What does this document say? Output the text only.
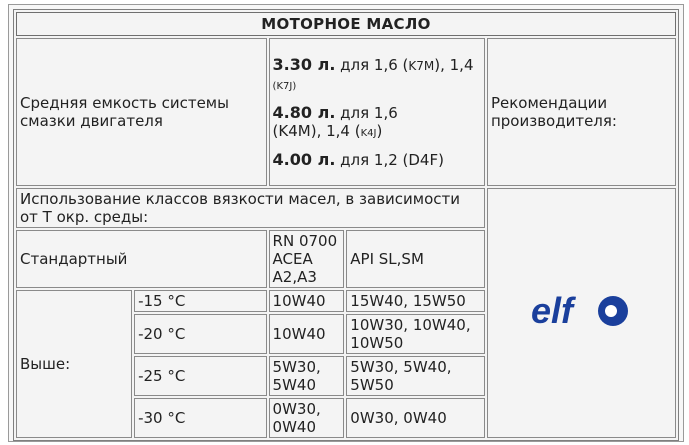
МОТОРНОЕ МАСЛО				
Средняя емкость системы смазки двигателя		3.30 л. для 1,6 (K7M), 1,4
(K7J)
4.80 л. для 1,6
(K4M), 1,4 (K4J)
4.00 л. для 1,2 (D4F)		Рекомендации производителя:
Использование классов вязкости масел, в зависимости от Т окр. среды:				elf

Стандартный		RN 0700 ACEA A2,A3	API SL,SM	
Выше:	-15 °C	10W40	15W40, 15W50	
	-20 °C	10W40	10W30, 10W40, 10W50	
	-25 °C	5W30, 5W40	5W30, 5W40, 5W50	
	-30 °C	0W30, 0W40	0W30, 0W40	
